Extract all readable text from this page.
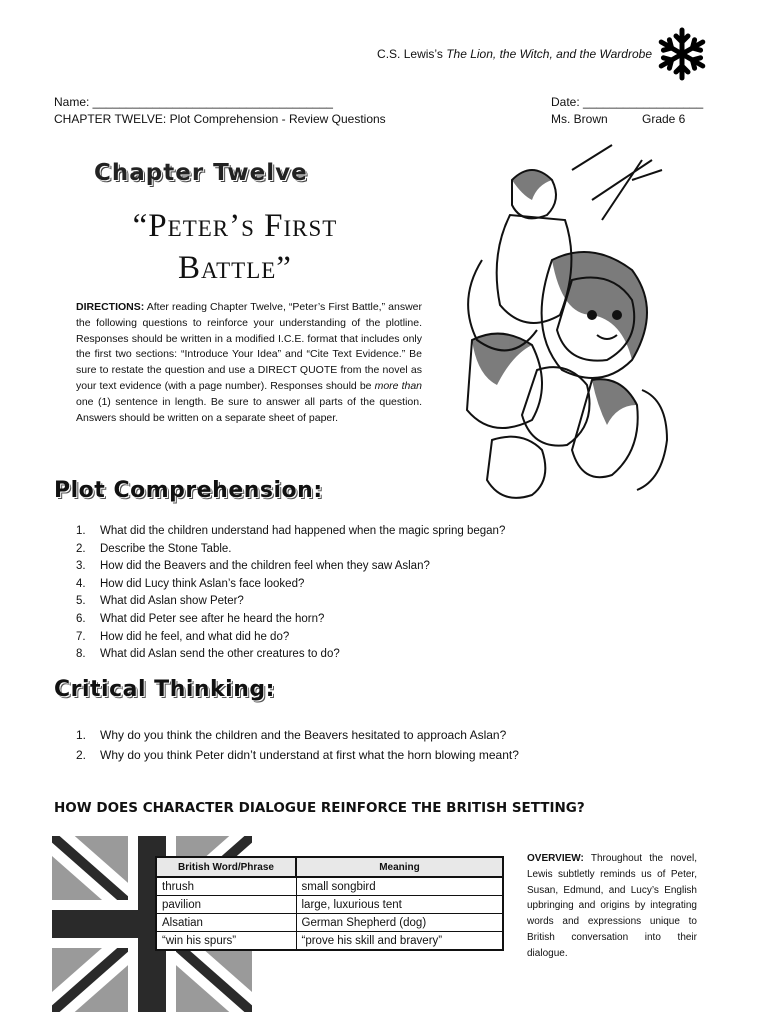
C.S. Lewis’s The Lion, the Witch, and the Wardrobe
Name: ____________________________________	Date: __________________
CHAPTER TWELVE: Plot Comprehension - Review Questions	Ms. Brown	Grade 6
Chapter Twelve
“Peter’s First
Battle”
DIRECTIONS: After reading Chapter Twelve, “Peter’s First Battle,” answer the following questions to reinforce your understanding of the plotline. Responses should be written in a modified I.C.E. format that includes only the first two sections: “Introduce Your Idea” and “Cite Text Evidence.” Be sure to restate the question and use a DIRECT QUOTE from the novel as your text evidence (with a page number). Responses should be more than one (1) sentence in length. Be sure to answer all parts of the question. Answers should be written on a separate sheet of paper.
Plot Comprehension:
1. What did the children understand had happened when the magic spring began?
2. Describe the Stone Table.
3. How did the Beavers and the children feel when they saw Aslan?
4. How did Lucy think Aslan’s face looked?
5. What did Aslan show Peter?
6. What did Peter see after he heard the horn?
7. How did he feel, and what did he do?
8. What did Aslan send the other creatures to do?
Critical Thinking:
1. Why do you think the children and the Beavers hesitated to approach Aslan?
2. Why do you think Peter didn’t understand at first what the horn blowing meant?
HOW DOES CHARACTER DIALOGUE REINFORCE THE BRITISH SETTING?
British Word/Phrase	Meaning
thrush	small songbird
pavilion	large, luxurious tent
Alsatian	German Shepherd (dog)
“win his spurs”	“prove his skill and bravery”
OVERVIEW: Throughout the novel, Lewis subtletly reminds us of Peter, Susan, Edmund, and Lucy’s English upbringing and origins by integrating words and expressions unique to British conversation into their dialogue.
